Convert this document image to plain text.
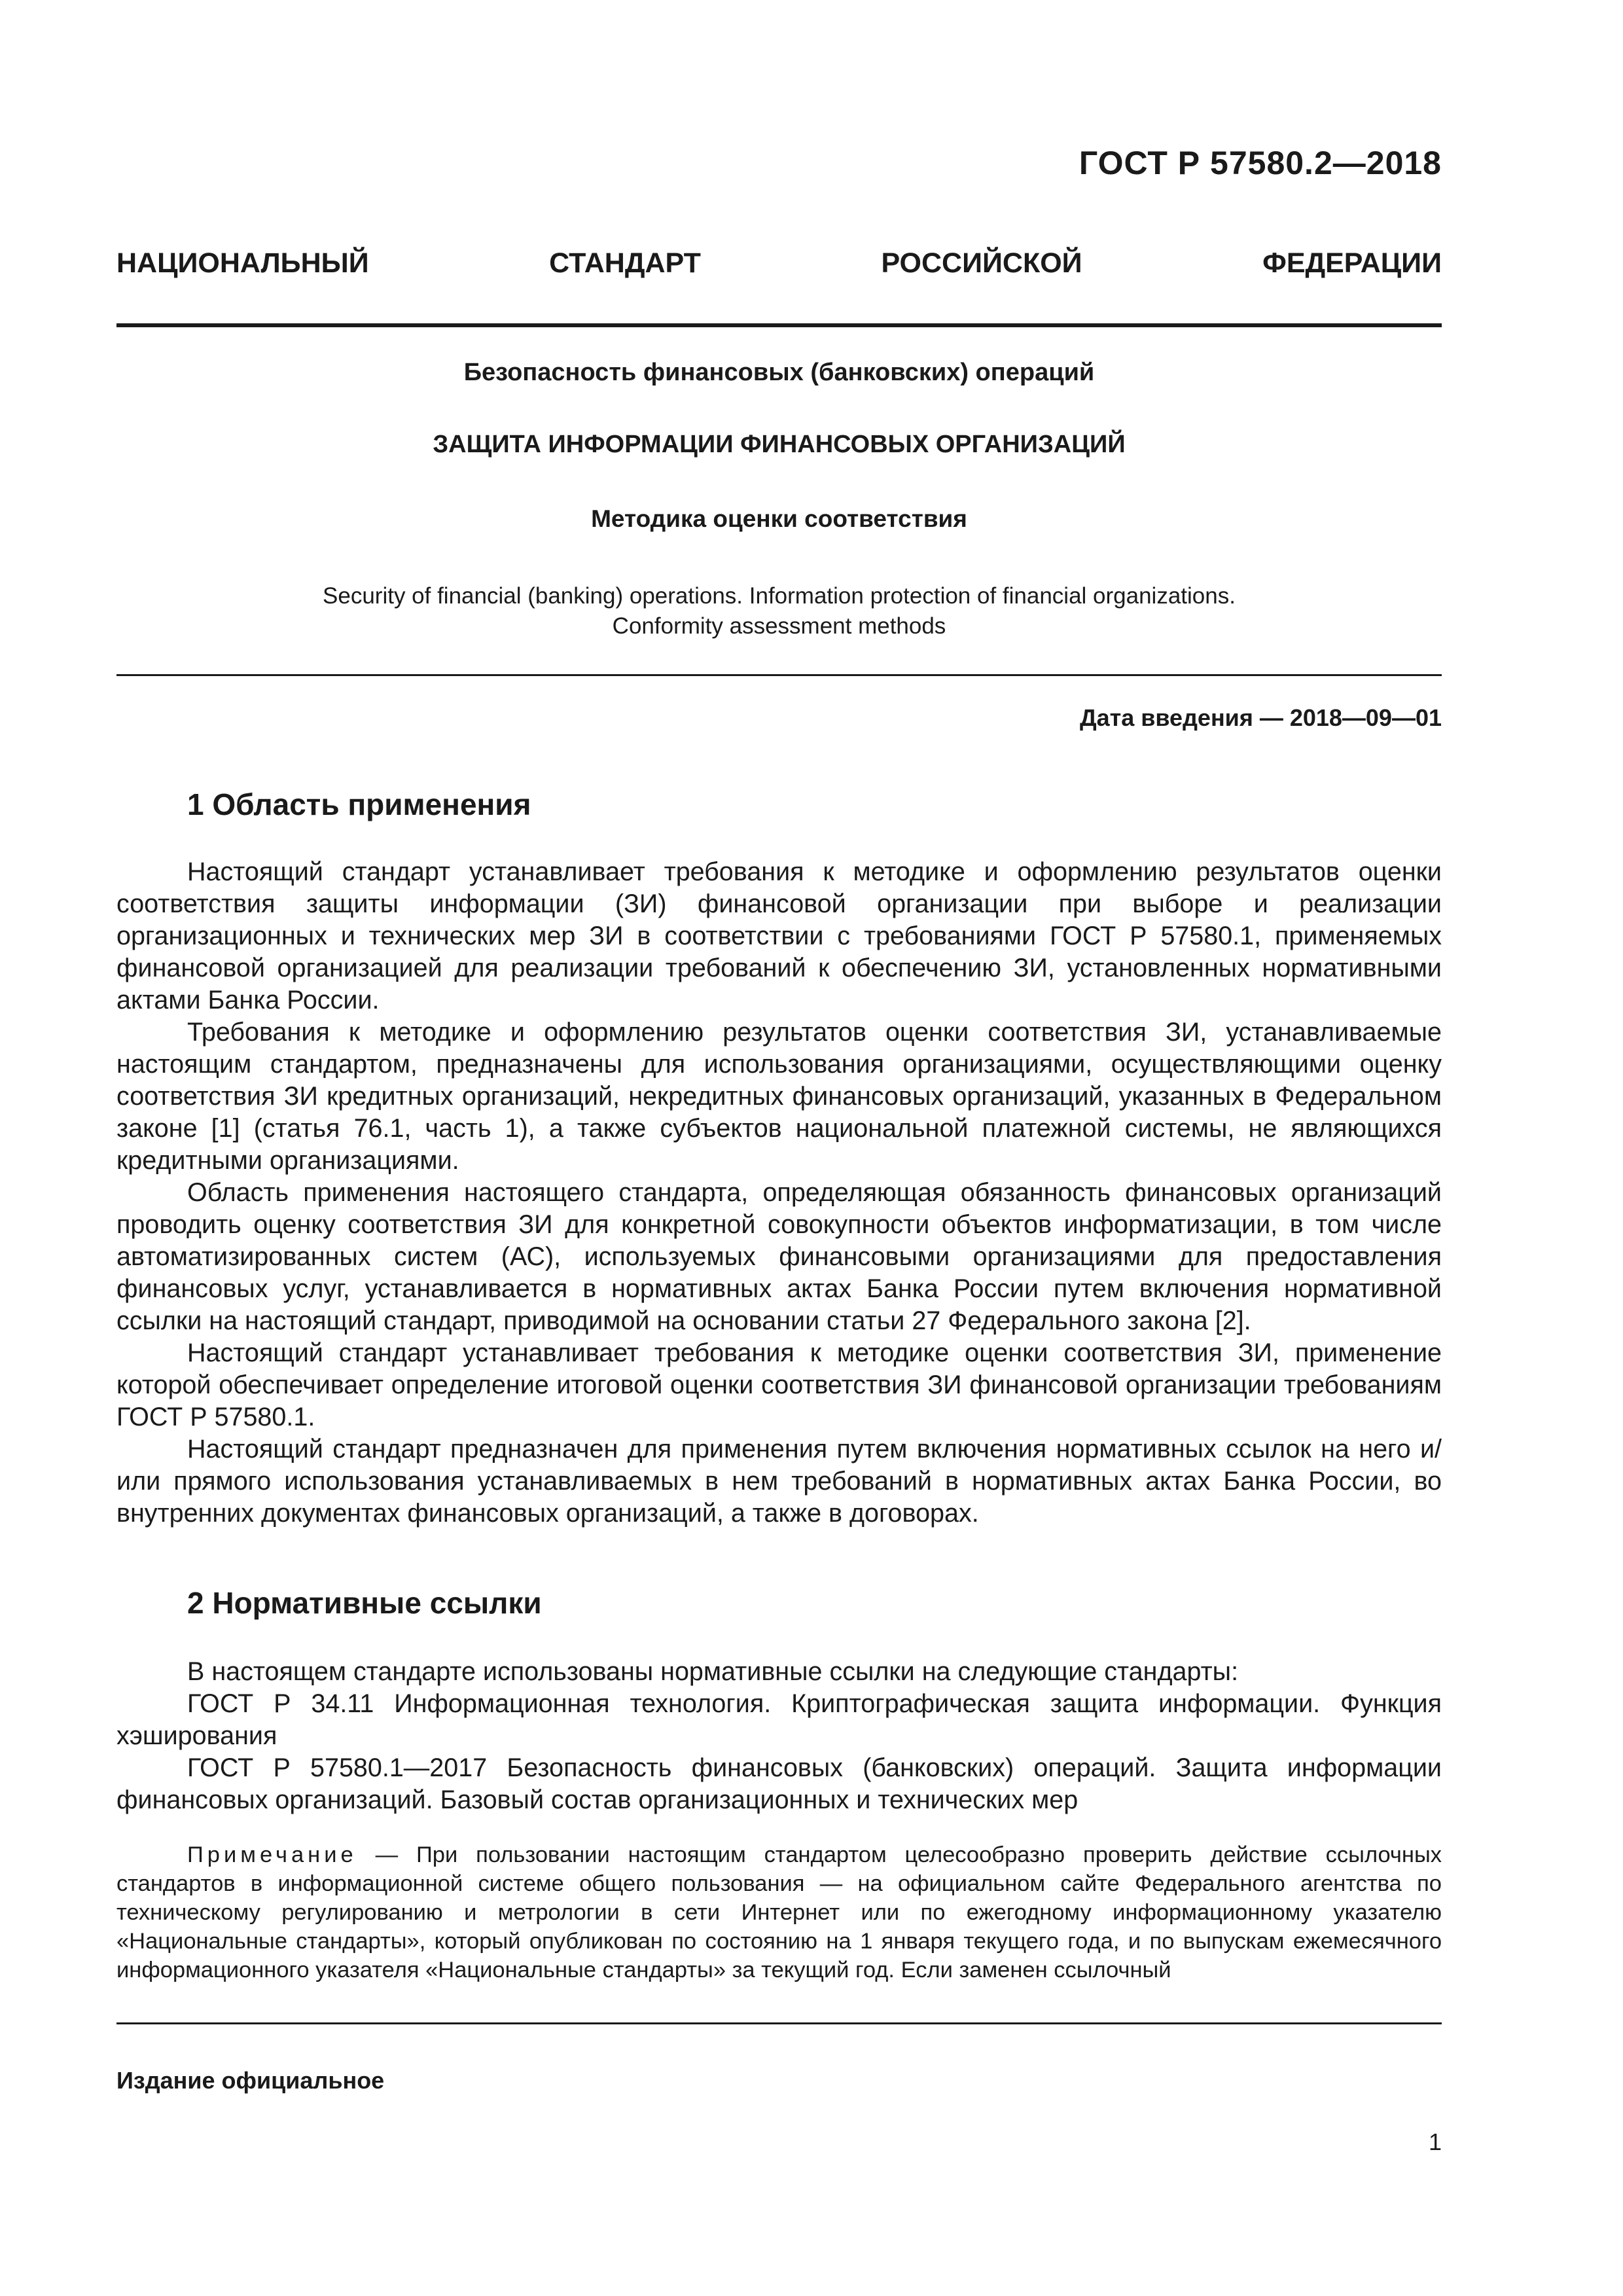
ГОСТ Р 57580.2—2018
НАЦИОНАЛЬНЫЙ СТАНДАРТ РОССИЙСКОЙ ФЕДЕРАЦИИ
Безопасность финансовых (банковских) операций
ЗАЩИТА ИНФОРМАЦИИ ФИНАНСОВЫХ ОРГАНИЗАЦИЙ
Методика оценки соответствия
Security of financial (banking) operations. Information protection of financial organizations.
Conformity assessment methods
Дата введения — 2018—09—01
1 Область применения

Настоящий стандарт устанавливает требования к методике и оформлению результатов оценки соответствия защиты информации (ЗИ) финансовой организации при выборе и реализации организационных и технических мер ЗИ в соответствии с требованиями ГОСТ Р 57580.1, применяемых финансовой организацией для реализации требований к обеспечению ЗИ, установленных нормативными актами Банка России.

Требования к методике и оформлению результатов оценки соответствия ЗИ, устанавливаемые настоящим стандартом, предназначены для использования организациями, осуществляющими оценку соответствия ЗИ кредитных организаций, некредитных финансовых организаций, указанных в Федеральном законе [1] (статья 76.1, часть 1), а также субъектов национальной платежной системы, не являющихся кредитными организациями.

Область применения настоящего стандарта, определяющая обязанность финансовых организаций проводить оценку соответствия ЗИ для конкретной совокупности объектов информатизации, в том числе автоматизированных систем (АС), используемых финансовыми организациями для предоставления финансовых услуг, устанавливается в нормативных актах Банка России путем включения нормативной ссылки на настоящий стандарт, приводимой на основании статьи 27 Федерального закона [2].

Настоящий стандарт устанавливает требования к методике оценки соответствия ЗИ, применение которой обеспечивает определение итоговой оценки соответствия ЗИ финансовой организации требованиям ГОСТ Р 57580.1.

Настоящий стандарт предназначен для применения путем включения нормативных ссылок на него и/или прямого использования устанавливаемых в нем требований в нормативных актах Банка России, во внутренних документах финансовых организаций, а также в договорах.

2 Нормативные ссылки

В настоящем стандарте использованы нормативные ссылки на следующие стандарты:

ГОСТ Р 34.11 Информационная технология. Криптографическая защита информации. Функция хэширования

ГОСТ Р 57580.1—2017 Безопасность финансовых (банковских) операций. Защита информации финансовых организаций. Базовый состав организационных и технических мер

Примечание — При пользовании настоящим стандартом целесообразно проверить действие ссылочных стандартов в информационной системе общего пользования — на официальном сайте Федерального агентства по техническому регулированию и метрологии в сети Интернет или по ежегодному информационному указателю «Национальные стандарты», который опубликован по состоянию на 1 января текущего года, и по выпускам ежемесячного информационного указателя «Национальные стандарты» за текущий год. Если заменен ссылочный
Издание официальное
1
